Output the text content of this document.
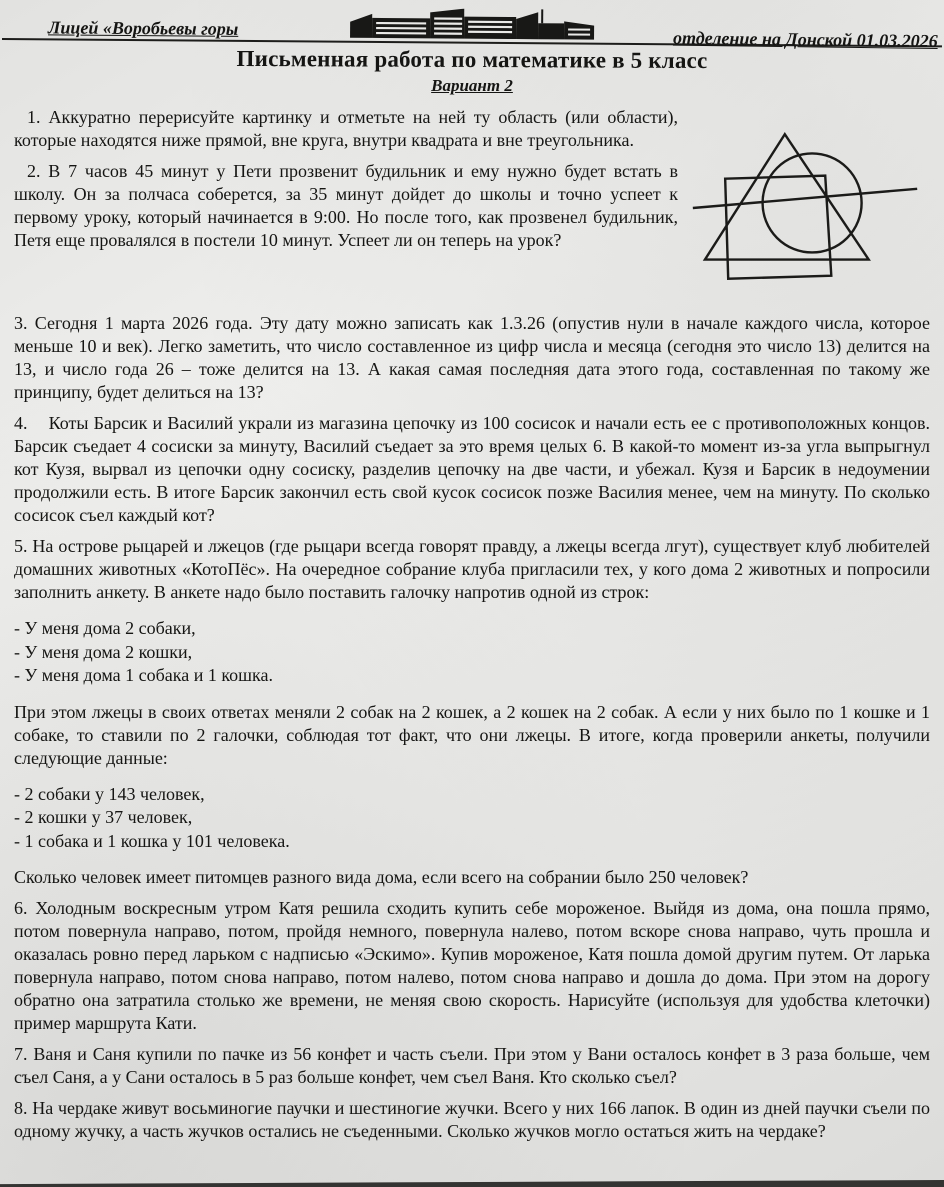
Лицей «Воробьевы горы	отделение на Донской 01.03.2026
Письменная работа по математике в 5 класс
Вариант 2

1. Аккуратно перерисуйте картинку и отметьте на ней ту область (или области), которые находятся ниже прямой, вне круга, внутри квадрата и вне треугольника.

2. В 7 часов 45 минут у Пети прозвенит будильник и ему нужно будет встать в школу. Он за полчаса соберется, за 35 минут дойдет до школы и точно успеет к первому уроку, который начинается в 9:00. Но после того, как прозвенел будильник, Петя еще провалялся в постели 10 минут. Успеет ли он теперь на урок?

3. Сегодня 1 марта 2026 года. Эту дату можно записать как 1.3.26 (опустив нули в начале каждого числа, которое меньше 10 и век). Легко заметить, что число составленное из цифр числа и месяца (сегодня это число 13) делится на 13, и число года 26 – тоже делится на 13. А какая самая последняя дата этого года, составленная по такому же принципу, будет делиться на 13?

4. Коты Барсик и Василий украли из магазина цепочку из 100 сосисок и начали есть ее с противоположных концов. Барсик съедает 4 сосиски за минуту, Василий съедает за это время целых 6. В какой-то момент из-за угла выпрыгнул кот Кузя, вырвал из цепочки одну сосиску, разделив цепочку на две части, и убежал. Кузя и Барсик в недоумении продолжили есть. В итоге Барсик закончил есть свой кусок сосисок позже Василия менее, чем на минуту. По сколько сосисок съел каждый кот?

5. На острове рыцарей и лжецов (где рыцари всегда говорят правду, а лжецы всегда лгут), существует клуб любителей домашних животных «КотоПёс». На очередное собрание клуба пригласили тех, у кого дома 2 животных и попросили заполнить анкету. В анкете надо было поставить галочку напротив одной из строк:

- У меня дома 2 собаки,
- У меня дома 2 кошки,
- У меня дома 1 собака и 1 кошка.

При этом лжецы в своих ответах меняли 2 собак на 2 кошек, а 2 кошек на 2 собак. А если у них было по 1 кошке и 1 собаке, то ставили по 2 галочки, соблюдая тот факт, что они лжецы. В итоге, когда проверили анкеты, получили следующие данные:

- 2 собаки у 143 человек,
- 2 кошки у 37 человек,
- 1 собака и 1 кошка у 101 человека.

Сколько человек имеет питомцев разного вида дома, если всего на собрании было 250 человек?

6. Холодным воскресным утром Катя решила сходить купить себе мороженое. Выйдя из дома, она пошла прямо, потом повернула направо, потом, пройдя немного, повернула налево, потом вскоре снова направо, чуть прошла и оказалась ровно перед ларьком с надписью «Эскимо». Купив мороженое, Катя пошла домой другим путем. От ларька повернула направо, потом снова направо, потом налево, потом снова направо и дошла до дома. При этом на дорогу обратно она затратила столько же времени, не меняя свою скорость. Нарисуйте (используя для удобства клеточки) пример маршрута Кати.

7. Ваня и Саня купили по пачке из 56 конфет и часть съели. При этом у Вани осталось конфет в 3 раза больше, чем съел Саня, а у Сани осталось в 5 раз больше конфет, чем съел Ваня. Кто сколько съел?

8. На чердаке живут восьминогие паучки и шестиногие жучки. Всего у них 166 лапок. В один из дней паучки съели по одному жучку, а часть жучков остались не съеденными. Сколько жучков могло остаться жить на чердаке?
